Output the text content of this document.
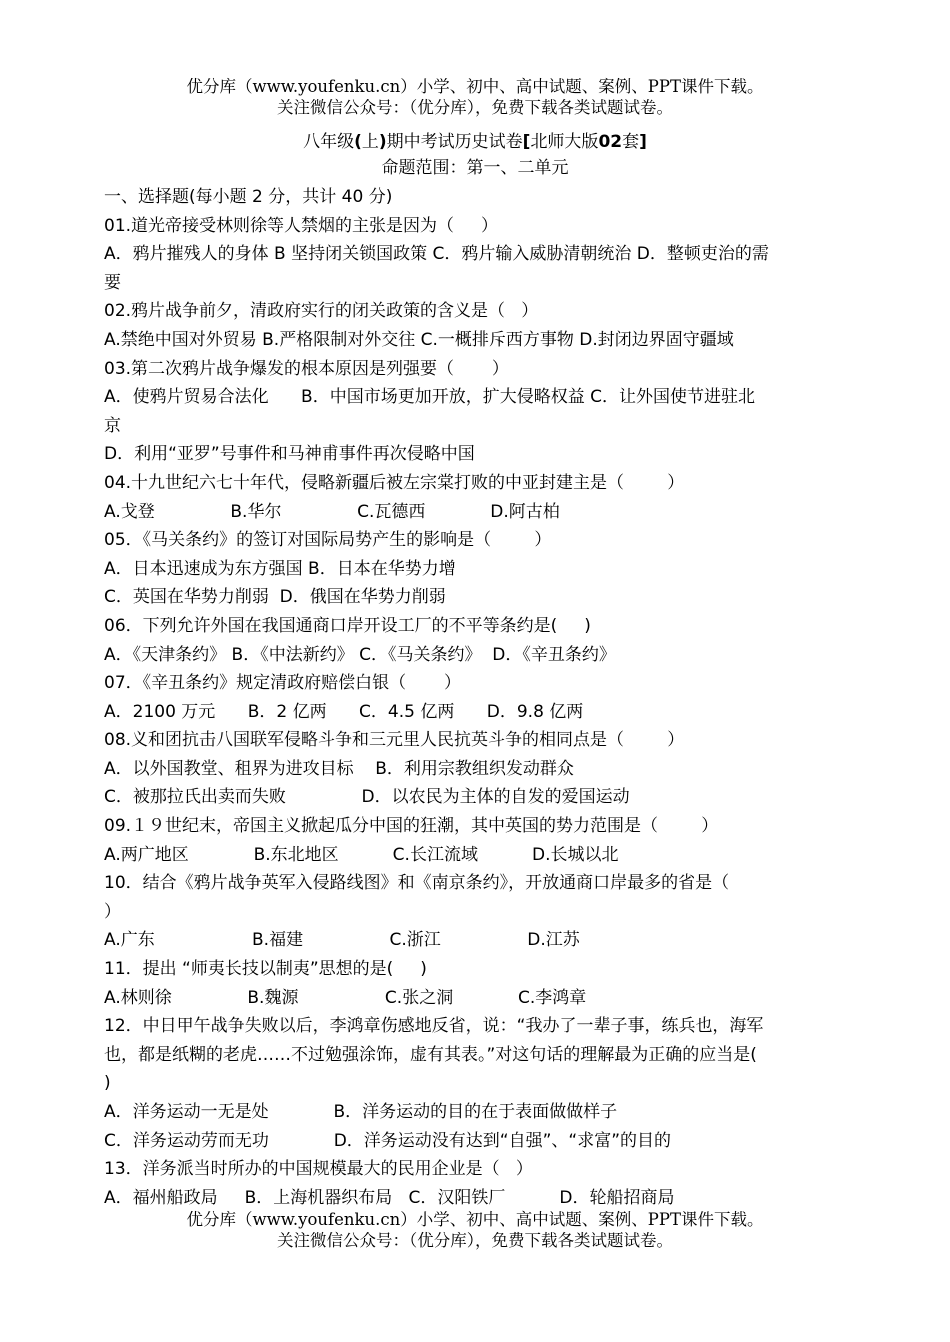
优分库（www.youfenku.cn）小学、初中、高中试题、案例、PPT课件下载。
关注微信公众号：（优分库），免费下载各类试题试卷。
八年级(上)期中考试历史试卷[北师大版02套]
命题范围：第一、二单元
一、选择题(每小题 2 分，共计 40 分)
01.道光帝接受林则徐等人禁烟的主张是因为（     ）
A．鸦片摧残人的身体 B 坚持闭关锁国政策 C．鸦片输入威胁清朝统治 D．整顿吏治的需
要
02.鸦片战争前夕，清政府实行的闭关政策的含义是（   ）
A.禁绝中国对外贸易 B.严格限制对外交往 C.一概排斥西方事物 D.封闭边界固守疆域
03.第二次鸦片战争爆发的根本原因是列强要（       ）
A．使鸦片贸易合法化      B．中国市场更加开放，扩大侵略权益 C．让外国使节进驻北
京
D．利用“亚罗”号事件和马神甫事件再次侵略中国
04.十九世纪六七十年代，侵略新疆后被左宗棠打败的中亚封建主是（        ）
A.戈登              B.华尔              C.瓦德西            D.阿古柏
05．《马关条约》的签订对国际局势产生的影响是（        ）
A．日本迅速成为东方强国 B．日本在华势力增
C．英国在华势力削弱  D．俄国在华势力削弱
06．下列允许外国在我国通商口岸开设工厂的不平等条约是(     )
A．《天津条约》 B．《中法新约》 C．《马关条约》  D．《辛丑条约》
07．《辛丑条约》规定清政府赔偿白银（       ）
A．2100 万元      B．2 亿两      C．4.5 亿两      D．9.8 亿两
08.义和团抗击八国联军侵略斗争和三元里人民抗英斗争的相同点是（        ）
A．以外国教堂、租界为进攻目标    B．利用宗教组织发动群众
C．被那拉氏出卖而失败              D．以农民为主体的自发的爱国运动
09.１９世纪末，帝国主义掀起瓜分中国的狂潮，其中英国的势力范围是（        ）
A.两广地区            B.东北地区          C.长江流域          D.长城以北
10．结合《鸦片战争英军入侵路线图》和《南京条约》，开放通商口岸最多的省是（
）
A.广东                  B.福建                C.浙江                D.江苏
11．提出 “师夷长技以制夷”思想的是(     )
A.林则徐              B.魏源                C.张之洞            C.李鸿章
12．中日甲午战争失败以后，李鸿章伤感地反省，说：“我办了一辈子事，练兵也，海军
也，都是纸糊的老虎……不过勉强涂饰，虚有其表。”对这句话的理解最为正确的应当是(
)
A．洋务运动一无是处            B．洋务运动的目的在于表面做做样子
C．洋务运动劳而无功            D．洋务运动没有达到“自强”、“求富”的目的
13．洋务派当时所办的中国规模最大的民用企业是（   ）
A．福州船政局     B．上海机器织布局   C．汉阳铁厂          D．轮船招商局
优分库（www.youfenku.cn）小学、初中、高中试题、案例、PPT课件下载。
关注微信公众号：（优分库），免费下载各类试题试卷。
